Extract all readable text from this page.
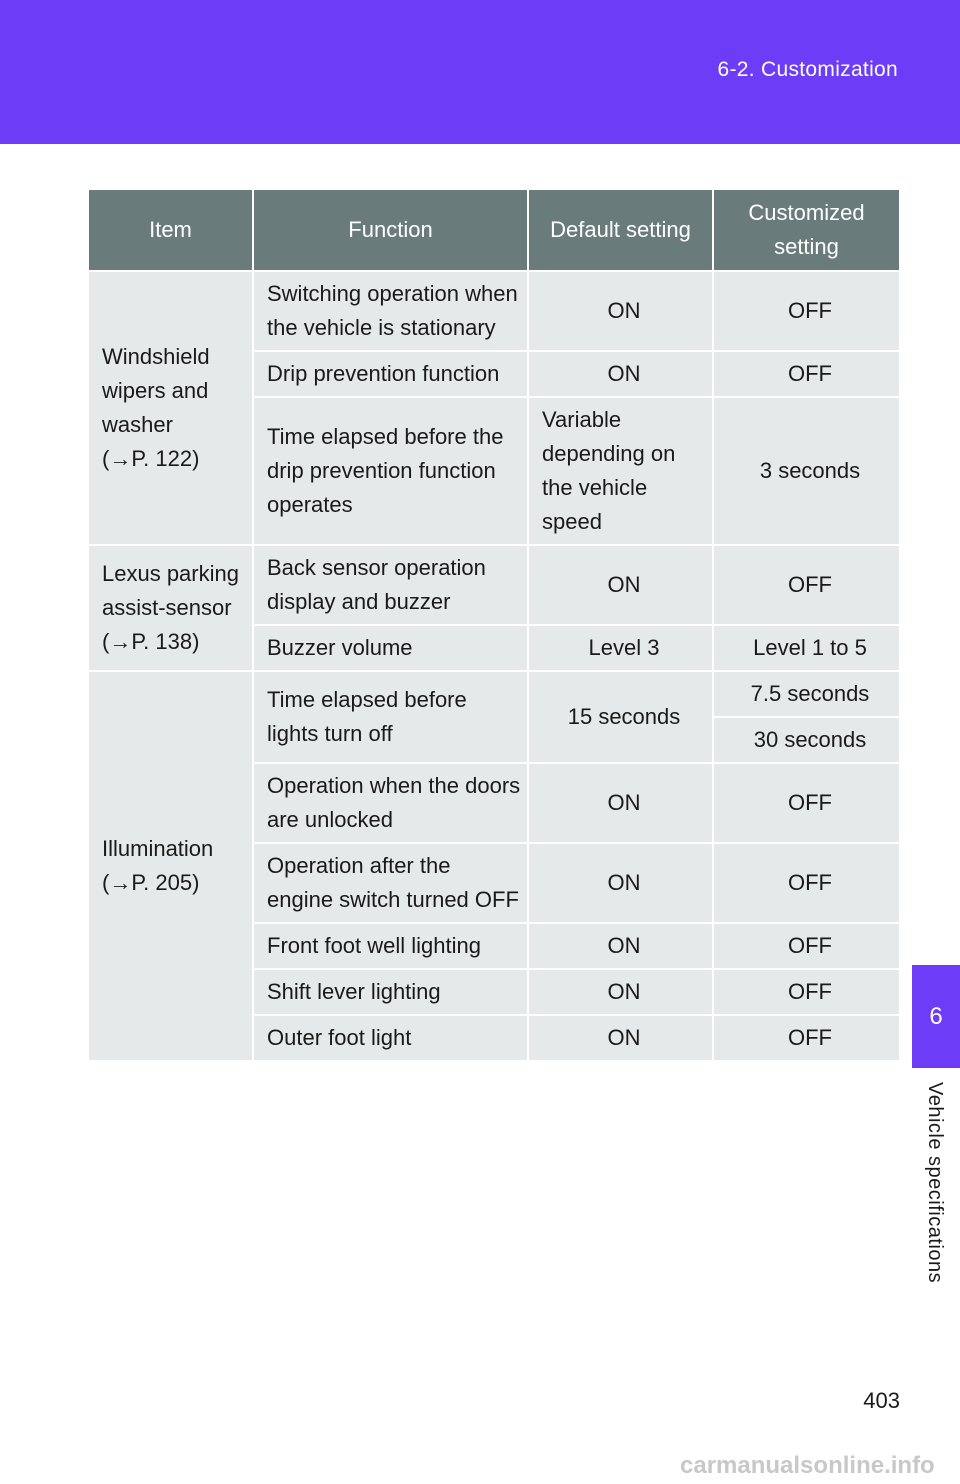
6-2. Customization
Item	Function	Default setting	Customized setting

Windshield
wipers and
washer
(→P. 122)	Switching operation when the vehicle is stationary	ON	OFF
	Drip prevention function	ON	OFF
	Time elapsed before the drip prevention function operates	Variable depending on the vehicle speed	3 seconds

Lexus parking
assist-sensor
(→P. 138)	Back sensor operation display and buzzer	ON	OFF
	Buzzer volume	Level 3	Level 1 to 5

Illumination
(→P. 205)	Time elapsed before lights turn off	15 seconds	7.5 seconds
			30 seconds
	Operation when the doors are unlocked	ON	OFF
	Operation after the engine switch turned OFF	ON	OFF
	Front foot well lighting	ON	OFF
	Shift lever lighting	ON	OFF
	Outer foot light	ON	OFF
6
Vehicle specifications
403
carmanualsonline.info
